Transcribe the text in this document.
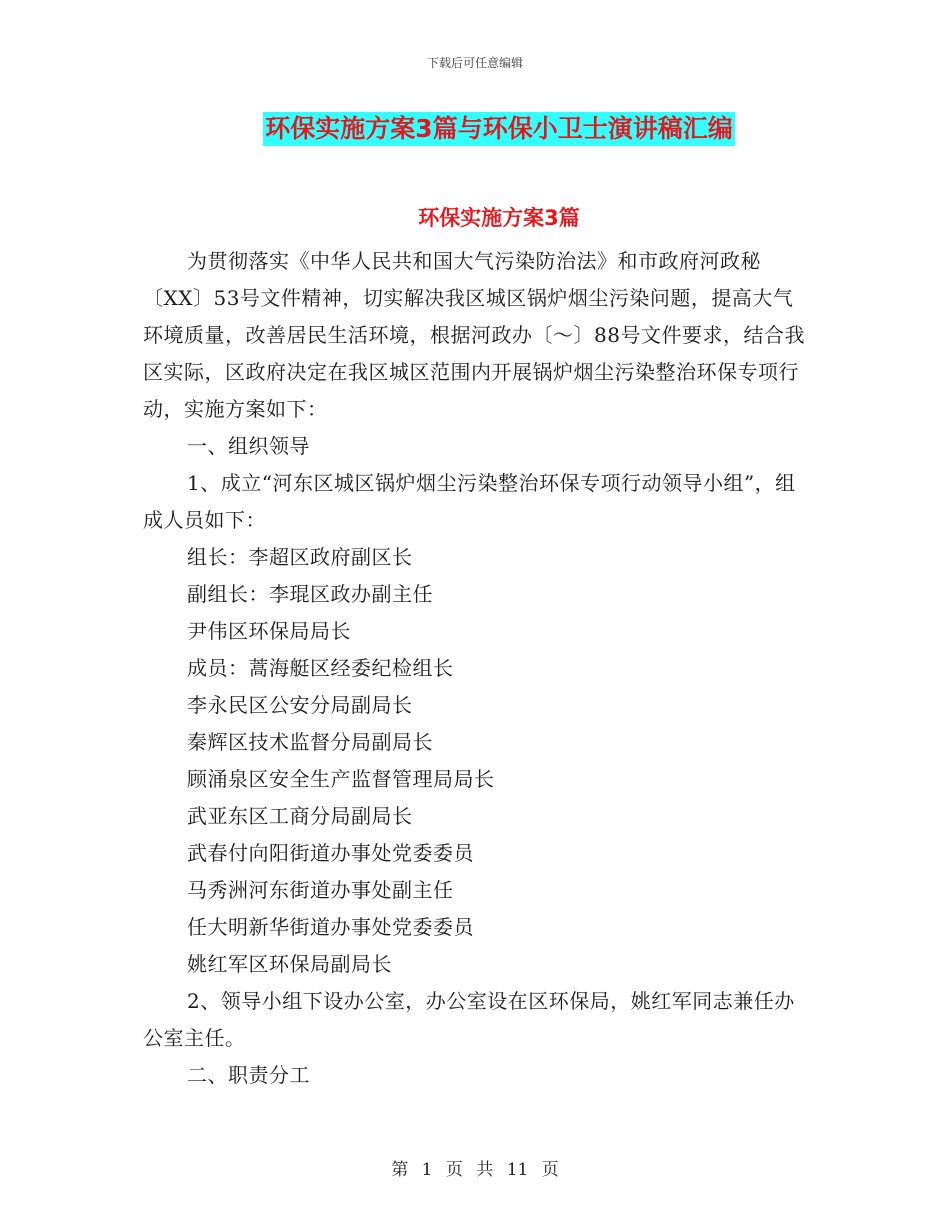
下载后可任意编辑
环保实施方案3篇与环保小卫士演讲稿汇编
环保实施方案3篇

为贯彻落实《中华人民共和国大气污染防治法》和市政府河政秘〔XX〕53号文件精神，切实解决我区城区锅炉烟尘污染问题，提高大气环境质量，改善居民生活环境，根据河政办〔～〕88号文件要求，结合我区实际，区政府决定在我区城区范围内开展锅炉烟尘污染整治环保专项行动，实施方案如下：

一、组织领导

1、成立“河东区城区锅炉烟尘污染整治环保专项行动领导小组”，组成人员如下：

组长：李超区政府副区长

副组长：李琨区政办副主任

尹伟区环保局局长

成员：蒿海艇区经委纪检组长

李永民区公安分局副局长

秦辉区技术监督分局副局长

顾涌泉区安全生产监督管理局局长

武亚东区工商分局副局长

武春付向阳街道办事处党委委员

马秀洲河东街道办事处副主任

任大明新华街道办事处党委委员

姚红军区环保局副局长

2、领导小组下设办公室，办公室设在区环保局，姚红军同志兼任办公室主任。

二、职责分工

第 1 页 共 11 页
